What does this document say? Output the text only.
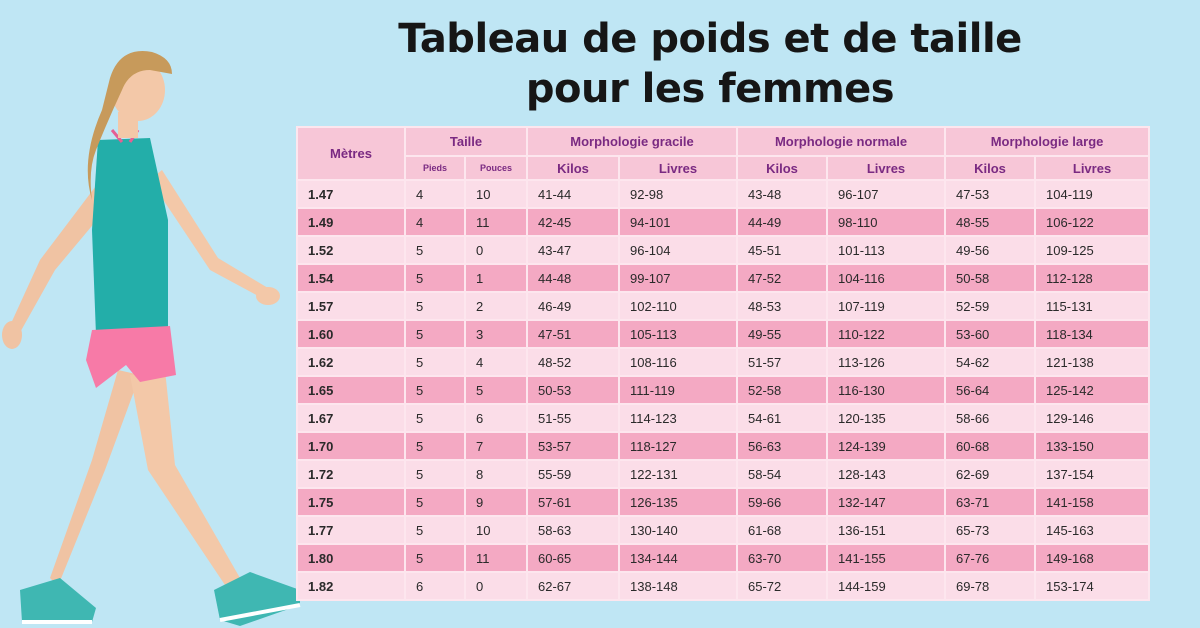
Tableau de poids et de taille
pour les femmes
Mètres	Taille		Morphologie gracile		Morphologie normale		Morphologie large	
	Pieds	Pouces	Kilos	Livres	Kilos	Livres	Kilos	Livres
1.47	4	10	41-44	92-98	43-48	96-107	47-53	104-119
1.49	4	11	42-45	94-101	44-49	98-110	48-55	106-122
1.52	5	0	43-47	96-104	45-51	101-113	49-56	109-125
1.54	5	1	44-48	99-107	47-52	104-116	50-58	112-128
1.57	5	2	46-49	102-110	48-53	107-119	52-59	115-131
1.60	5	3	47-51	105-113	49-55	110-122	53-60	118-134
1.62	5	4	48-52	108-116	51-57	113-126	54-62	121-138
1.65	5	5	50-53	111-119	52-58	116-130	56-64	125-142
1.67	5	6	51-55	114-123	54-61	120-135	58-66	129-146
1.70	5	7	53-57	118-127	56-63	124-139	60-68	133-150
1.72	5	8	55-59	122-131	58-54	128-143	62-69	137-154
1.75	5	9	57-61	126-135	59-66	132-147	63-71	141-158
1.77	5	10	58-63	130-140	61-68	136-151	65-73	145-163
1.80	5	11	60-65	134-144	63-70	141-155	67-76	149-168
1.82	6	0	62-67	138-148	65-72	144-159	69-78	153-174
